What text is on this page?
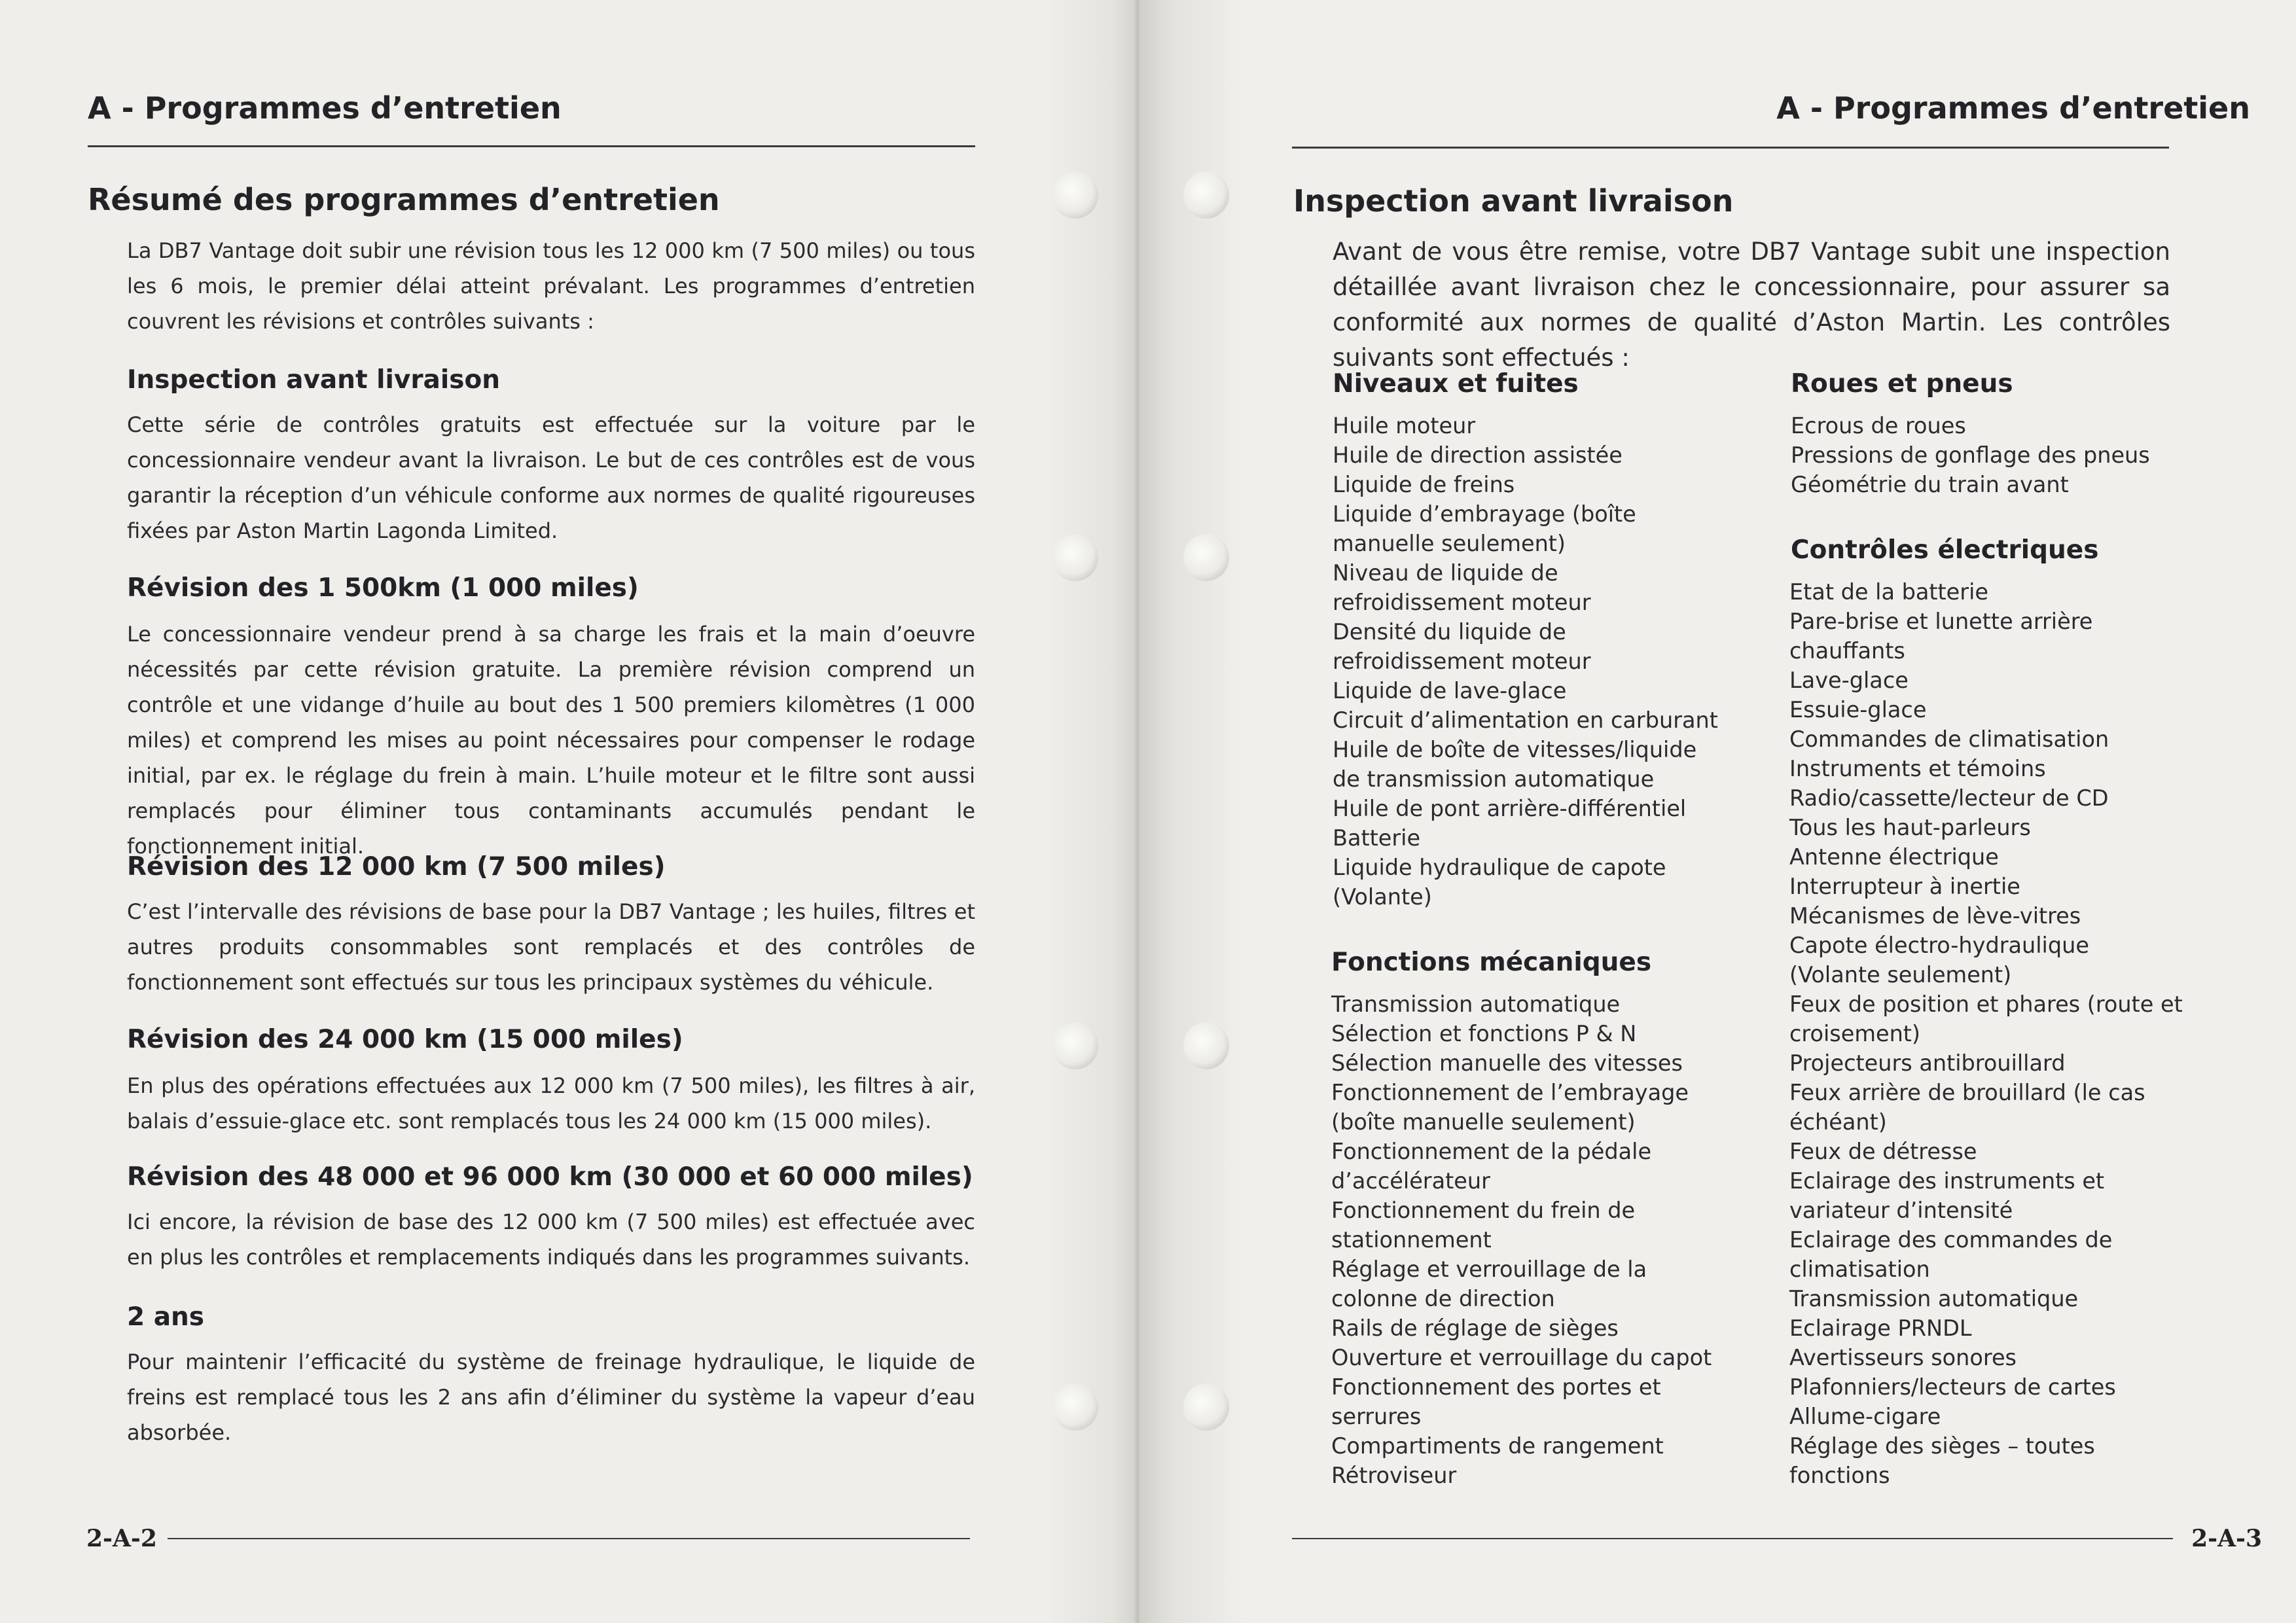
A - Programmes d’entretien
Résumé des programmes d’entretien

La DB7 Vantage doit subir une révision tous les 12 000 km (7 500 miles) ou tous les 6 mois, le premier délai atteint prévalant. Les programmes d’entretien couvrent les révisions et contrôles suivants :

Inspection avant livraison

Cette série de contrôles gratuits est effectuée sur la voiture par le concessionnaire vendeur avant la livraison. Le but de ces contrôles est de vous garantir la réception d’un véhicule conforme aux normes de qualité rigoureuses fixées par Aston Martin Lagonda Limited.

Révision des 1 500km (1 000 miles)

Le concessionnaire vendeur prend à sa charge les frais et la main d’oeuvre nécessités par cette révision gratuite. La première révision comprend un contrôle et une vidange d’huile au bout des 1 500 premiers kilomètres (1 000 miles) et comprend les mises au point nécessaires pour compenser le rodage initial, par ex. le réglage du frein à main. L’huile moteur et le filtre sont aussi remplacés pour éliminer tous contaminants accumulés pendant le fonctionnement initial.

Révision des 12 000 km (7 500 miles)

C’est l’intervalle des révisions de base pour la DB7 Vantage ; les huiles, filtres et autres produits consommables sont remplacés et des contrôles de fonctionnement sont effectués sur tous les principaux systèmes du véhicule.

Révision des 24 000 km (15 000 miles)

En plus des opérations effectuées aux 12 000 km (7 500 miles), les filtres à air, balais d’essuie-glace etc. sont remplacés tous les 24 000 km (15 000 miles).

Révision des 48 000 et 96 000 km (30 000 et 60 000 miles)

Ici encore, la révision de base des 12 000 km (7 500 miles) est effectuée avec en plus les contrôles et remplacements indiqués dans les programmes suivants.

2 ans

Pour maintenir l’efficacité du système de freinage hydraulique, le liquide de freins est remplacé tous les 2 ans afin d’éliminer du système la vapeur d’eau absorbée.

2-A-2
A - Programmes d’entretien
Inspection avant livraison

Avant de vous être remise, votre DB7 Vantage subit une inspection détaillée avant livraison chez le concessionnaire, pour assurer sa conformité aux normes de qualité d’Aston Martin. Les contrôles suivants sont effectués :

Niveaux et fuites
Huile moteur
Huile de direction assistée
Liquide de freins
Liquide d’embrayage (boîte
manuelle seulement)
Niveau de liquide de
refroidissement moteur
Densité du liquide de
refroidissement moteur
Liquide de lave-glace
Circuit d’alimentation en carburant
Huile de boîte de vitesses/liquide
de transmission automatique
Huile de pont arrière-différentiel
Batterie
Liquide hydraulique de capote
(Volante)
Fonctions mécaniques
Transmission automatique
Sélection et fonctions P & N
Sélection manuelle des vitesses
Fonctionnement de l’embrayage
(boîte manuelle seulement)
Fonctionnement de la pédale
d’accélérateur
Fonctionnement du frein de
stationnement
Réglage et verrouillage de la
colonne de direction
Rails de réglage de sièges
Ouverture et verrouillage du capot
Fonctionnement des portes et
serrures
Compartiments de rangement
Rétroviseur
Roues et pneus
Ecrous de roues
Pressions de gonflage des pneus
Géométrie du train avant
Contrôles électriques
Etat de la batterie
Pare-brise et lunette arrière
chauffants
Lave-glace
Essuie-glace
Commandes de climatisation
Instruments et témoins
Radio/cassette/lecteur de CD
Tous les haut-parleurs
Antenne électrique
Interrupteur à inertie
Mécanismes de lève-vitres
Capote électro-hydraulique
(Volante seulement)
Feux de position et phares (route et
croisement)
Projecteurs antibrouillard
Feux arrière de brouillard (le cas
échéant)
Feux de détresse
Eclairage des instruments et
variateur d’intensité
Eclairage des commandes de
climatisation
Transmission automatique
Eclairage PRNDL
Avertisseurs sonores
Plafonniers/lecteurs de cartes
Allume-cigare
Réglage des sièges – toutes
fonctions
2-A-3
